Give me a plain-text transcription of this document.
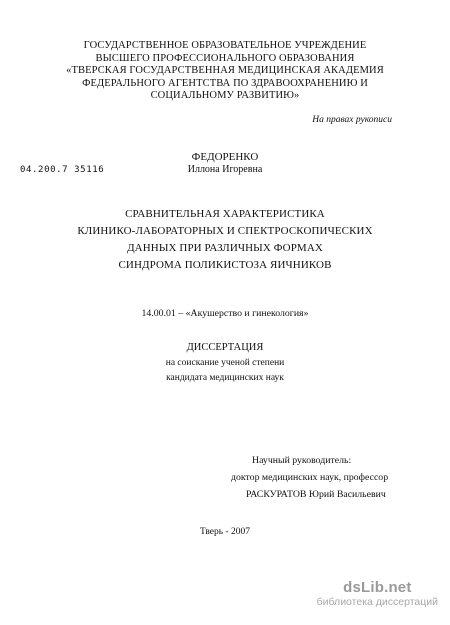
ГОСУДАРСТВЕННОЕ ОБРАЗОВАТЕЛЬНОЕ УЧРЕЖДЕНИЕ
ВЫСШЕГО ПРОФЕССИОНАЛЬНОГО ОБРАЗОВАНИЯ
«ТВЕРСКАЯ ГОСУДАРСТВЕННАЯ МЕДИЦИНСКАЯ АКАДЕМИЯ
ФЕДЕРАЛЬНОГО АГЕНТСТВА ПО ЗДРАВООХРАНЕНИЮ И
СОЦИАЛЬНОМУ РАЗВИТИЮ»
На правах рукописи
04.200.7 35116
ФЕДОРЕНКО
Иллона Игоревна
СРАВНИТЕЛЬНАЯ ХАРАКТЕРИСТИКА
КЛИНИКО-ЛАБОРАТОРНЫХ И СПЕКТРОСКОПИЧЕСКИХ
ДАННЫХ ПРИ РАЗЛИЧНЫХ ФОРМАХ
СИНДРОМА ПОЛИКИСТОЗА ЯИЧНИКОВ
14.00.01 – «Акушерство и гинекология»
ДИССЕРТАЦИЯ
на соискание ученой степени
кандидата медицинских наук
Научный руководитель:
доктор медицинских наук, профессор
РАСКУРАТОВ Юрий Васильевич
Тверь - 2007
dsLib.net
библиотека диссертаций
